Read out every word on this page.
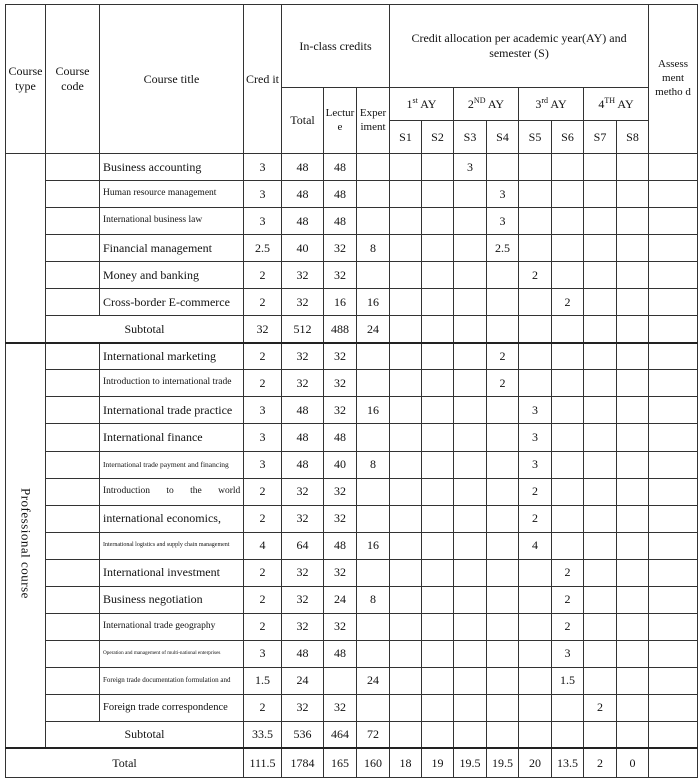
Course type	Course code	Course title	Cred it	In-class credits			Credit allocation per academic year(AY) and semester (S)								Assess ment metho d
				Total	Lectur e	Exper iment	1st AY		2ND AY		3rd AY		4TH AY		
							S1	S2	S3	S4	S5	S6	S7	S8	
		Business accounting	3	48	48				3						
		Human resource management	3	48	48					3					
		International business law	3	48	48					3					
		Financial management	2.5	40	32	8				2.5					
		Money and banking	2	32	32						2				
		Cross-border E-commerce	2	32	16	16						2			
	Subtotal		32	512	488	24									
Professional course		International marketing	2	32	32					2					
		Introduction to international trade	2	32	32					2					
		International trade practice	3	48	32	16					3				
		International finance	3	48	48						3				
		International trade payment and financing	3	48	40	8					3				
		Introduction to the world	2	32	32						2				
		international economics,	2	32	32						2				
		International logistics and supply chain management	4	64	48	16					4				
		International investment	2	32	32							2			
		Business negotiation	2	32	24	8						2			
		International trade geography	2	32	32							2			
		Operation and management of multi-national enterprises	3	48	48							3			
		Foreign trade documentation formulation and	1.5	24		24						1.5			
		Foreign trade correspondence	2	32	32								2		
	Subtotal		33.5	536	464	72									
Total			111.5	1784	165	160	18	19	19.5	19.5	20	13.5	2	0	
